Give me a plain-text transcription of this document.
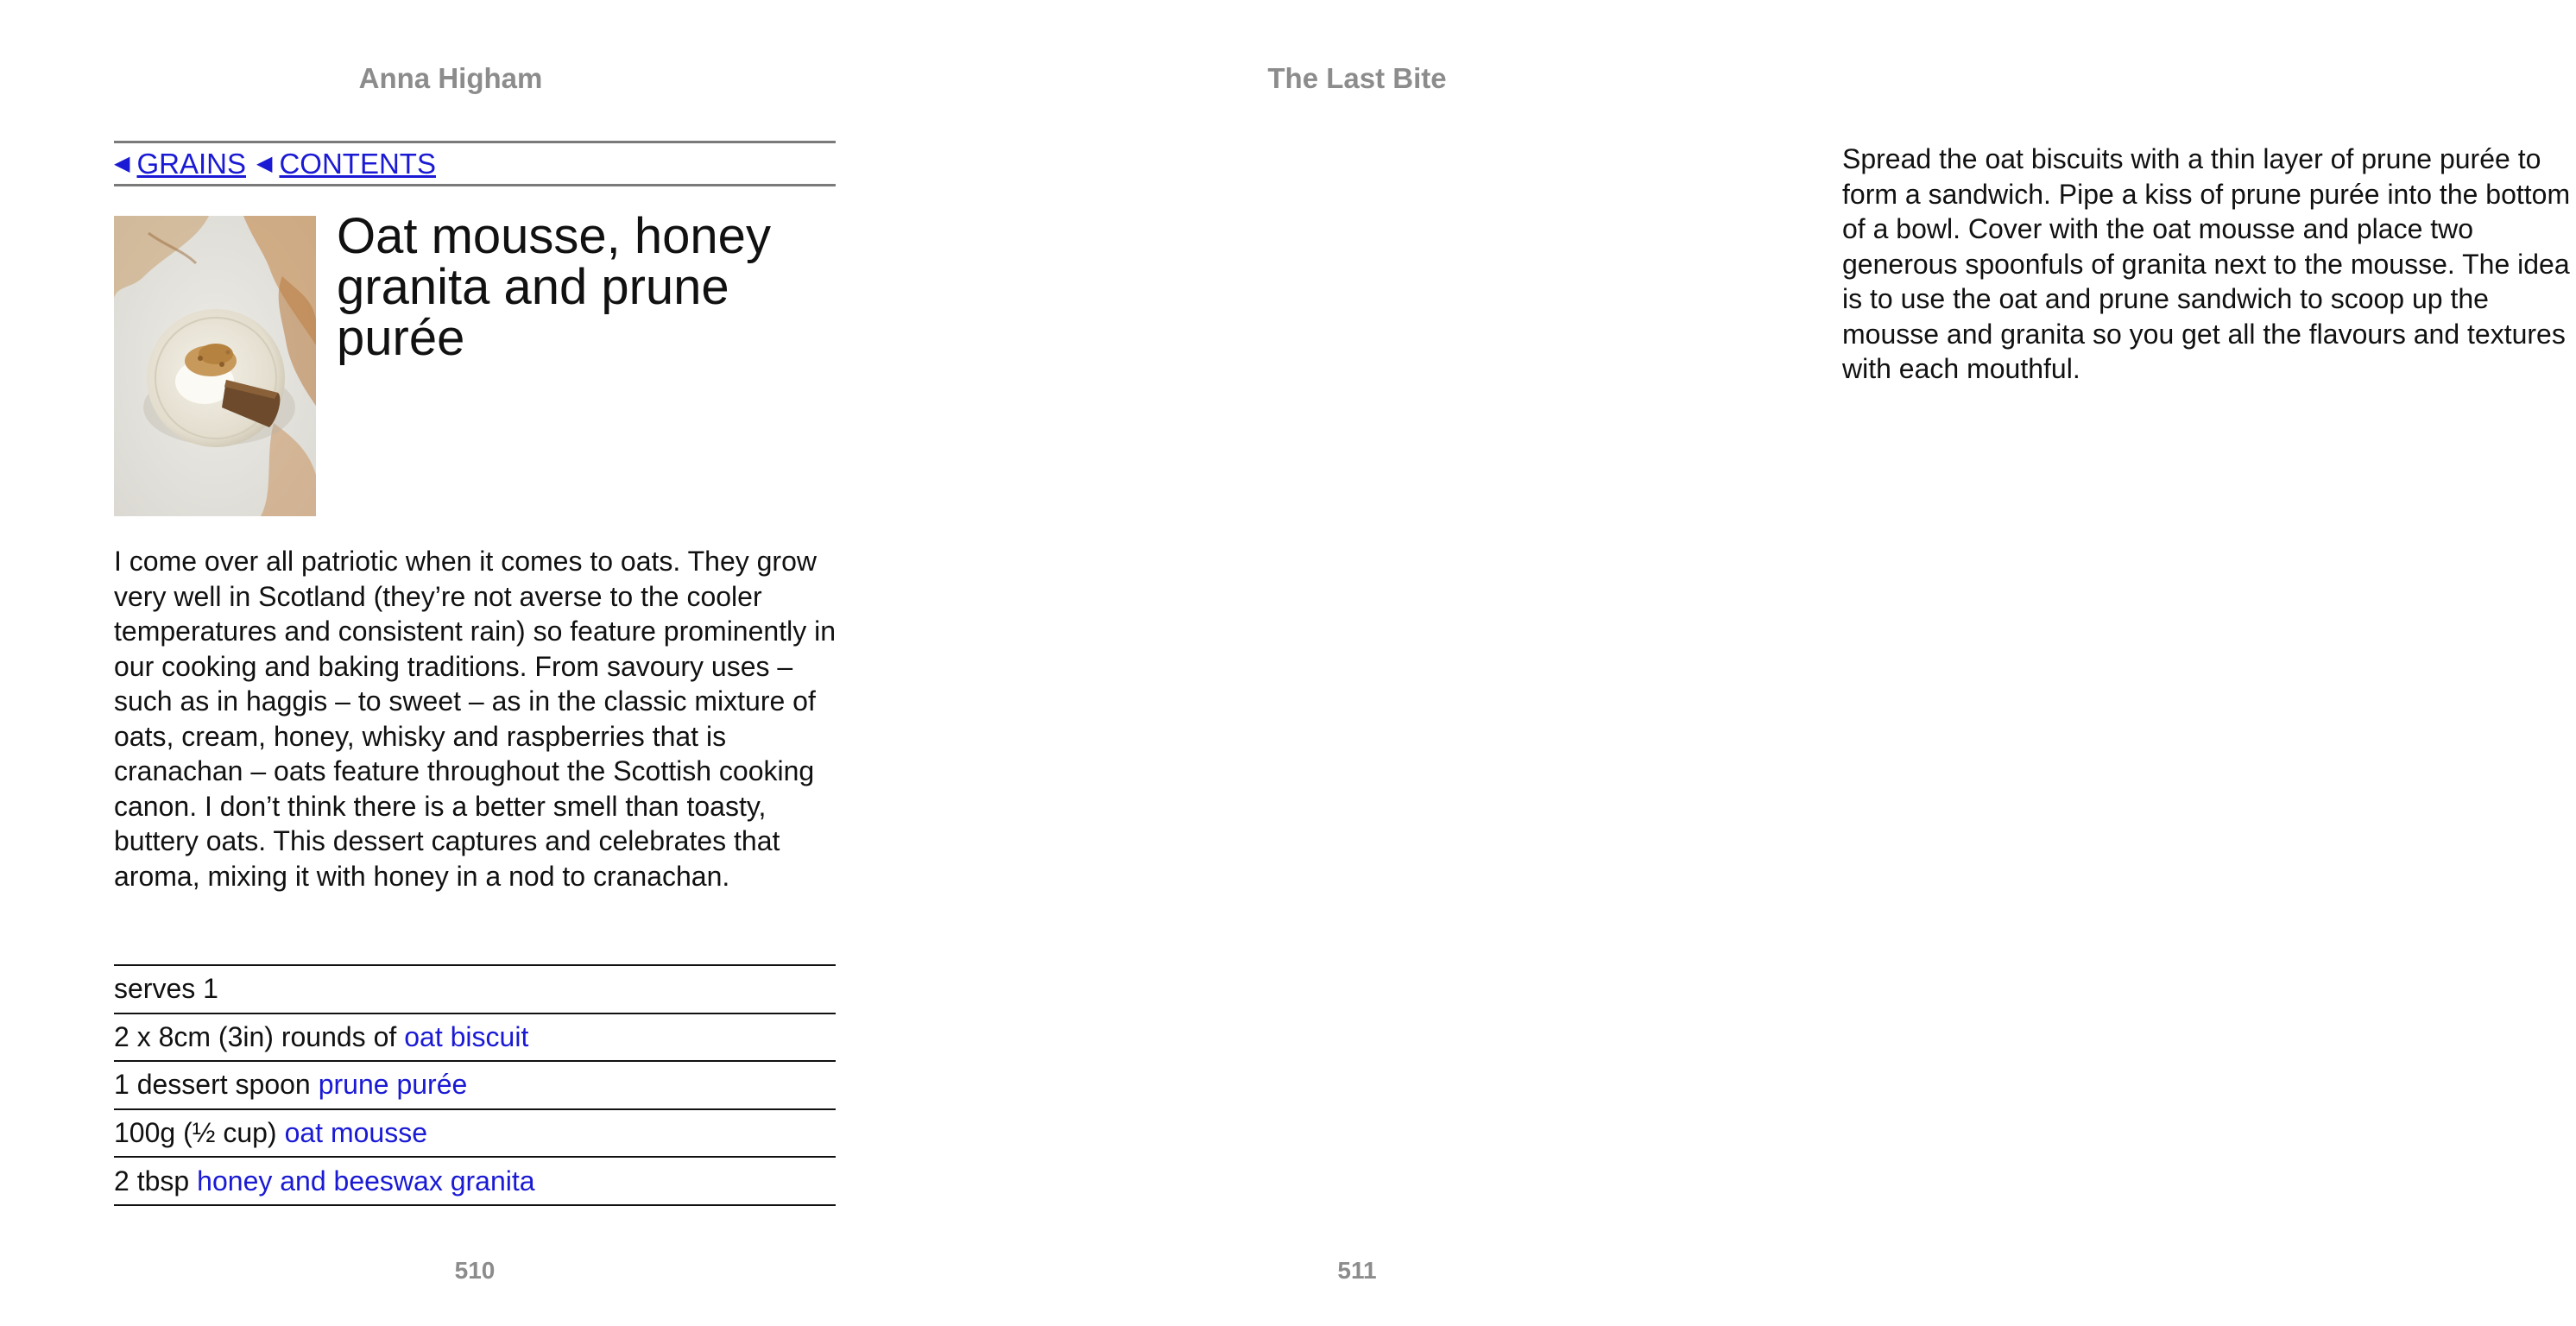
Anna Higham
◀ GRAINS ◀ CONTENTS
Oat mousse, honey granita and prune purée

I come over all patriotic when it comes to oats. They grow very well in Scotland (they’re not averse to the cooler temperatures and consistent rain) so feature prominently in our cooking and baking traditions. From savoury uses – such as in haggis – to sweet – as in the classic mixture of oats, cream, honey, whisky and raspberries that is cranachan – oats feature throughout the Scottish cooking canon. I don’t think there is a better smell than toasty, buttery oats. This dessert captures and celebrates that aroma, mixing it with honey in a nod to cranachan.

serves 1
2 x 8cm (3in) rounds of oat biscuit
1 dessert spoon prune purée
100g (½ cup) oat mousse
2 tbsp honey and beeswax granita
510
The Last Bite

Spread the oat biscuits with a thin layer of prune purée to form a sandwich. Pipe a kiss of prune purée into the bottom of a bowl. Cover with the oat mousse and place two generous spoonfuls of granita next to the mousse. The idea is to use the oat and prune sandwich to scoop up the mousse and granita so you get all the flavours and textures with each mouthful.

511
